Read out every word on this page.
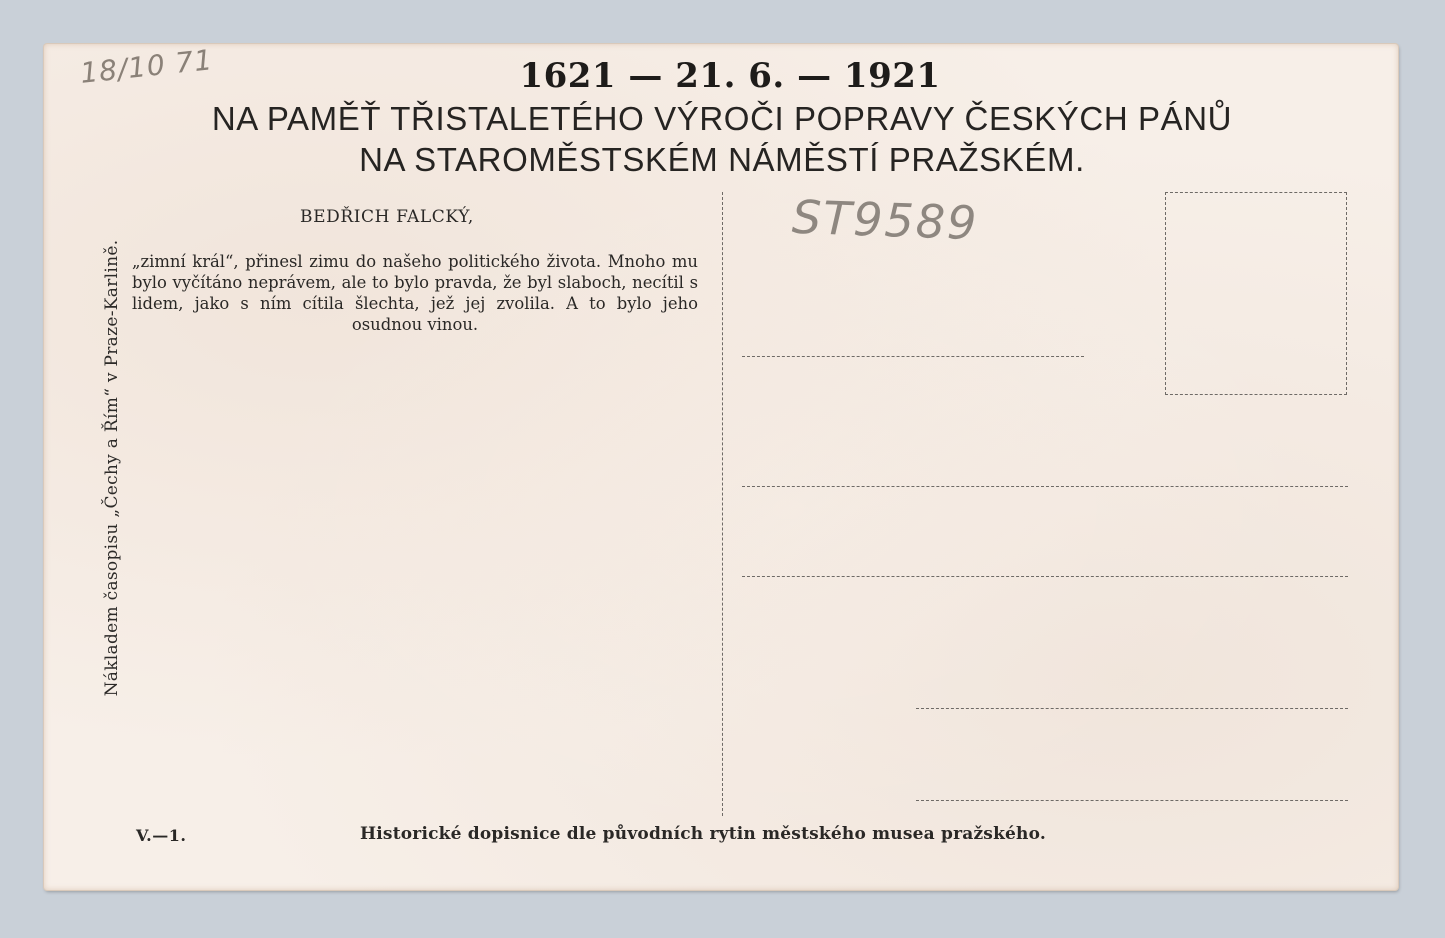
18/10 71	1621 — 21. 6. — 1921
NA PAMĚŤ TŘISTALETÉHO VÝROČI POPRAVY ČESKÝCH PÁNŮ
NA STAROMĚSTSKÉM NÁMĚSTÍ PRAŽSKÉM.
Nákladem časopisu „Čechy a Řím“ v Praze-Karlině.
BEDŘICH FALCKÝ,
„zimní král“, přinesl zimu do našeho politického života. Mnoho mu bylo vyčítáno neprávem, ale to bylo pravda, že byl slaboch, necítil s lidem, jako s ním cítila šlechta, jež jej zvolila. A to bylo jeho osudnou vinou.
ST9589
V.—1.	Historické dopisnice dle původních rytin městského musea pražského.
